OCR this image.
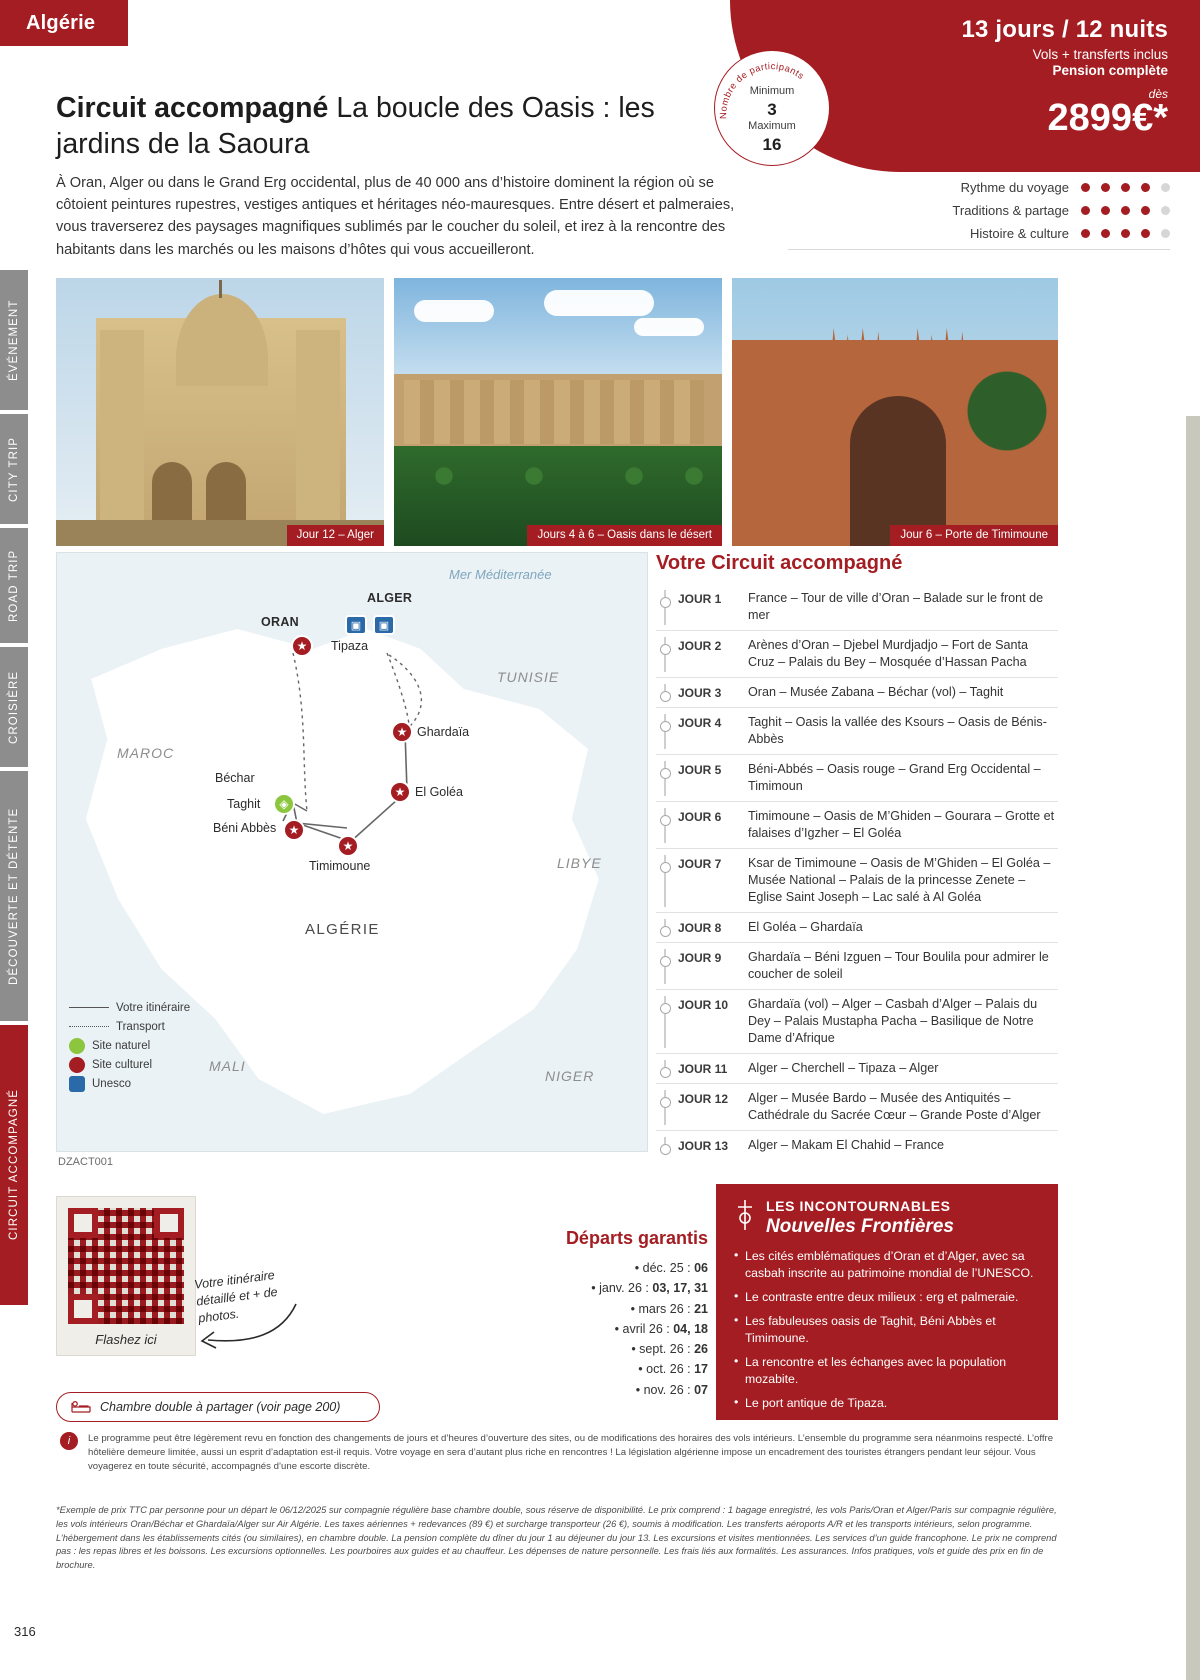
ÉVÉNEMENT
CITY TRIP
ROAD TRIP
CROISIÈRE
DÉCOUVERTE ET DÉTENTE
CIRCUIT ACCOMPAGNÉ
Algérie	13 jours / 12 nuits
Vols + transferts inclus
Pension complète
dès
2899€*
Nombre de participants
Minimum
3
Maximum
16
Circuit accompagné La boucle des Oasis : les jardins de la Saoura
À Oran, Alger ou dans le Grand Erg occidental, plus de 40 000 ans d’histoire dominent la région où se côtoient peintures rupestres, vestiges antiques et héritages néo-mauresques. Entre désert et palmeraies, vous traverserez des paysages magnifiques sublimés par le coucher du soleil, et irez à la rencontre des habitants dans les marchés ou les maisons d’hôtes qui vous accueilleront.
Rythme du voyage
Traditions & partage
Histoire & culture
Jour 12 – Alger	Jours 4 à 6 – Oasis dans le désert	Jour 6 – Porte de Timimoune
Mer Méditerranée
MAROC
TUNISIE
LIBYE
MALI
NIGER
ALGÉRIE
★
ORAN
ALGER
▣	▣
Tipaza
★ Ghardaïa
★ El Goléa
Béchar
◈
Taghit
★
Béni Abbès
★
Timimoune
Votre itinéraire
Transport
Site naturel
Site culturel
Unesco
DZACT001
Votre Circuit accompagné
JOUR 1	France – Tour de ville d’Oran – Balade sur le front de mer
JOUR 2	Arènes d’Oran – Djebel Murdjadjo – Fort de Santa Cruz – Palais du Bey – Mosquée d’Hassan Pacha
JOUR 3	Oran – Musée Zabana – Béchar (vol) – Taghit
JOUR 4	Taghit – Oasis la vallée des Ksours – Oasis de Bénis-Abbès
JOUR 5	Béni-Abbés – Oasis rouge – Grand Erg Occidental – Timimoun
JOUR 6	Timimoune – Oasis de M’Ghiden – Gourara – Grotte et falaises d’Igzher – El Goléa
JOUR 7	Ksar de Timimoune – Oasis de M’Ghiden – El Goléa – Musée National – Palais de la princesse Zenete – Eglise Saint Joseph – Lac salé à Al Goléa
JOUR 8	El Goléa – Ghardaïa
JOUR 9	Ghardaïa – Béni Izguen – Tour Boulila pour admirer le coucher de soleil
JOUR 10	Ghardaïa (vol) – Alger – Casbah d’Alger – Palais du Dey – Palais Mustapha Pacha – Basilique de Notre Dame d’Afrique
JOUR 11	Alger – Cherchell – Tipaza – Alger
JOUR 12	Alger – Musée Bardo – Musée des Antiquités – Cathédrale du Sacrée Cœur – Grande Poste d’Alger
JOUR 13	Alger – Makam El Chahid – France
Flashez ici
Votre itinéraire détaillé et + de photos.
Départs garantis
• déc. 25 : 06
• janv. 26 : 03, 17, 31
• mars 26 : 21
• avril 26 : 04, 18
• sept. 26 : 26
• oct. 26 : 17
• nov. 26 : 07
LES INCONTOURNABLES
Nouvelles Frontières
• Les cités emblématiques d’Oran et d’Alger, avec sa casbah inscrite au patrimoine mondial de l’UNESCO.
• Le contraste entre deux milieux : erg et palmeraie.
• Les fabuleuses oasis de Taghit, Béni Abbès et Timimoune.
• La rencontre et les échanges avec la population mozabite.
• Le port antique de Tipaza.
Chambre double à partager (voir page 200)
i	Le programme peut être légèrement revu en fonction des changements de jours et d’heures d’ouverture des sites, ou de modifications des horaires des vols intérieurs. L’ensemble du programme sera néanmoins respecté. L’offre hôtelière demeure limitée, aussi un esprit d’adaptation est-il requis. Votre voyage en sera d’autant plus riche en rencontres ! La législation algérienne impose un encadrement des touristes étrangers pendant leur séjour. Vous voyagerez en toute sécurité, accompagnés d’une escorte discrète.
*Exemple de prix TTC par personne pour un départ le 06/12/2025 sur compagnie régulière base chambre double, sous réserve de disponibilité. Le prix comprend : 1 bagage enregistré, les vols Paris/Oran et Alger/Paris sur compagnie régulière, les vols intérieurs Oran/Béchar et Ghardaïa/Alger sur Air Algérie. Les taxes aériennes + redevances (89 €) et surcharge transporteur (26 €), soumis à modification. Les transferts aéroports A/R et les transports intérieurs, selon programme. L’hébergement dans les établissements cités (ou similaires), en chambre double. La pension complète du dîner du jour 1 au déjeuner du jour 13. Les excursions et visites mentionnées. Les services d’un guide francophone. Le prix ne comprend pas : les repas libres et les boissons. Les excursions optionnelles. Les pourboires aux guides et au chauffeur. Les dépenses de nature personnelle. Les frais liés aux formalités. Les assurances. Infos pratiques, vols et guide des prix en fin de brochure.
316
